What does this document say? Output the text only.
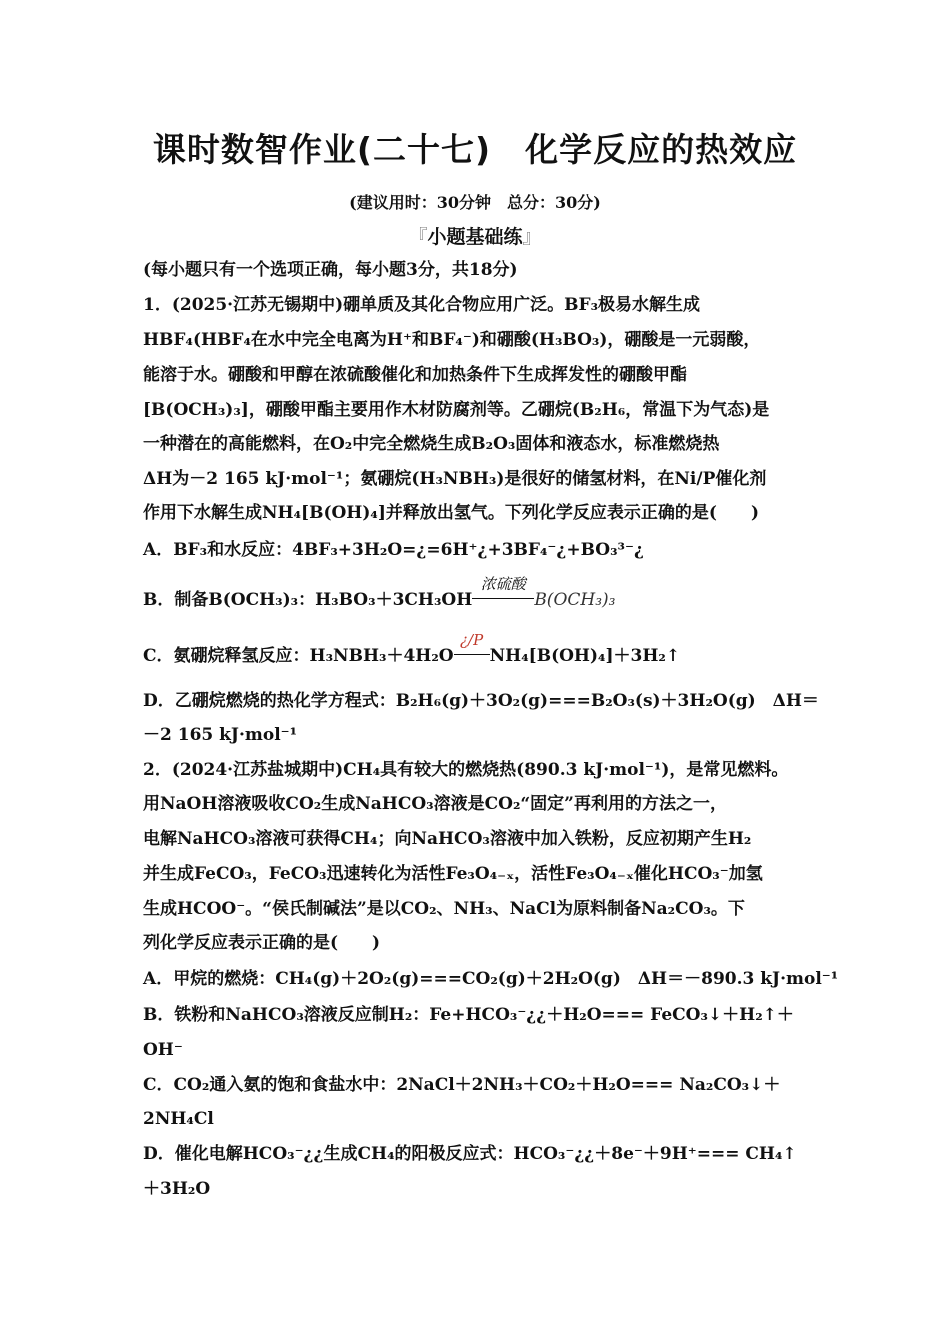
课时数智作业(二十七)　化学反应的热效应
(建议用时：30分钟　总分：30分)
『小题基础练』
(每小题只有一个选项正确，每小题3分，共18分)
1．(2025·江苏无锡期中)硼单质及其化合物应用广泛。BF₃极易水解生成
HBF₄(HBF₄在水中完全电离为H⁺和BF₄⁻)和硼酸(H₃BO₃)，硼酸是一元弱酸，
能溶于水。硼酸和甲醇在浓硫酸催化和加热条件下生成挥发性的硼酸甲酯
[B(OCH₃)₃]，硼酸甲酯主要用作木材防腐剂等。乙硼烷(B₂H₆，常温下为气态)是
一种潜在的高能燃料，在O₂中完全燃烧生成B₂O₃固体和液态水，标准燃烧热
ΔH为－2 165 kJ·mol⁻¹；氨硼烷(H₃NBH₃)是很好的储氢材料，在Ni/P催化剂
作用下水解生成NH₄[B(OH)₄]并释放出氢气。下列化学反应表示正确的是(　　)
A．BF₃和水反应：4BF₃+3H₂O=¿=6H⁺¿+3BF₄⁻¿+BO₃³⁻¿
B．制备B(OCH₃)₃：H₃BO₃＋3CH₃OH
浓硫酸
B(OCH₃)₃
C．氨硼烷释氢反应：H₃NBH₃＋4H₂O
¿/P
NH₄[B(OH)₄]＋3H₂↑
D．乙硼烷燃烧的热化学方程式：B₂H₆(g)＋3O₂(g)===B₂O₃(s)＋3H₂O(g)　ΔH＝
－2 165 kJ·mol⁻¹
2．(2024·江苏盐城期中)CH₄具有较大的燃烧热(890.3 kJ·mol⁻¹)，是常见燃料。
用NaOH溶液吸收CO₂生成NaHCO₃溶液是CO₂“固定”再利用的方法之一，
电解NaHCO₃溶液可获得CH₄；向NaHCO₃溶液中加入铁粉，反应初期产生H₂
并生成FeCO₃，FeCO₃迅速转化为活性Fe₃O₄₋ₓ，活性Fe₃O₄₋ₓ催化HCO₃⁻加氢
生成HCOO⁻。“侯氏制碱法”是以CO₂、NH₃、NaCl为原料制备Na₂CO₃。下
列化学反应表示正确的是(　　)
A．甲烷的燃烧：CH₄(g)＋2O₂(g)===CO₂(g)＋2H₂O(g)　ΔH＝－890.3 kJ·mol⁻¹
B．铁粉和NaHCO₃溶液反应制H₂：Fe+HCO₃⁻¿¿＋H₂O=== FeCO₃↓＋H₂↑＋
OH⁻
C．CO₂通入氨的饱和食盐水中：2NaCl＋2NH₃＋CO₂＋H₂O=== Na₂CO₃↓＋
2NH₄Cl
D．催化电解HCO₃⁻¿¿生成CH₄的阳极反应式：HCO₃⁻¿¿＋8e⁻＋9H⁺=== CH₄↑
＋3H₂O
